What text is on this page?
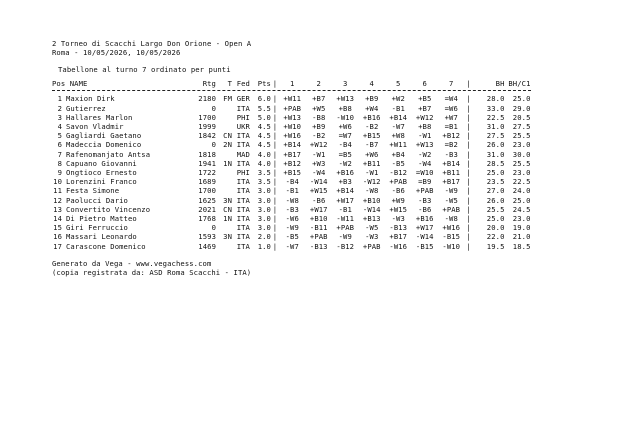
2 Torneo di Scacchi Largo Don Orione - Open A
Roma - 10/05/2026, 10/05/2026
Tabellone al turno 7 ordinato per punti
Pos NAME		Rtg	T	Fed	Pts	|	1	2	3	4	5	6	7	|	BH	BH/C1

1	Maxion Dirk	2180	FM	GER	6.0	|	+W11	+B7	+W13	+B9	+W2	+B5	=W4	|	28.0	25.0
2	Gutierrez	0		ITA	5.5	|	+PAB	+W5	+B8	+W4	-B1	+B7	=W6	|	33.0	29.0
3	Hallares Marlon	1700		PHI	5.0	|	+W13	-B8	-W10	+B16	+B14	+W12	+W7	|	22.5	20.5
4	Savon Vladmir	1999		UKR	4.5	|	+W10	+B9	+W6	-B2	-W7	+B8	=B1	|	31.0	27.5
5	Gagliardi Gaetano	1842	CN	ITA	4.5	|	+W16	-B2	=W7	+B15	+W8	-W1	+B12	|	27.5	25.5
6	Madeccia Domenico	0	2N	ITA	4.5	|	+B14	+W12	-B4	-B7	+W11	+W13	=B2	|	26.0	23.0
7	Rafenomanjato Antsa	1818		MAD	4.0	|	+B17	-W1	=B5	+W6	+B4	-W2	-B3	|	31.0	30.0
8	Capuano Giovanni	1941	1N	ITA	4.0	|	+B12	+W3	-W2	+B11	-B5	-W4	+B14	|	28.5	25.5
9	Ongtioco Ernesto	1722		PHI	3.5	|	+B15	-W4	+B16	-W1	-B12	=W10	+B11	|	25.0	23.0
10	Lorenzini Franco	1689		ITA	3.5	|	-B4	-W14	+B3	-W12	+PAB	=B9	+B17	|	23.5	22.5
11	Festa Simone	1700		ITA	3.0	|	-B1	+W15	+B14	-W8	-B6	+PAB	-W9	|	27.0	24.0
12	Paolucci Dario	1625	3N	ITA	3.0	|	-W8	-B6	+W17	+B10	+W9	-B3	-W5	|	26.0	25.0
13	Convertito Vincenzo	2021	CN	ITA	3.0	|	-B3	+W17	-B1	-W14	+W15	-B6	+PAB	|	25.5	24.5
14	Di Pietro Matteo	1768	1N	ITA	3.0	|	-W6	+B10	-W11	+B13	-W3	+B16	-W8	|	25.0	23.0
15	Giri Ferruccio	0		ITA	3.0	|	-W9	-B11	+PAB	-W5	-B13	+W17	+W16	|	20.0	19.0
16	Massari Leonardo	1593	3N	ITA	2.0	|	-B5	+PAB	-W9	-W3	+B17	-W14	-B15	|	22.0	21.0
17	Carascone Domenico	1469		ITA	1.0	|	-W7	-B13	-B12	+PAB	-W16	-B15	-W10	|	19.5	18.5
Generato da Vega - www.vegachess.com
(copia registrata da: ASD Roma Scacchi - ITA)
